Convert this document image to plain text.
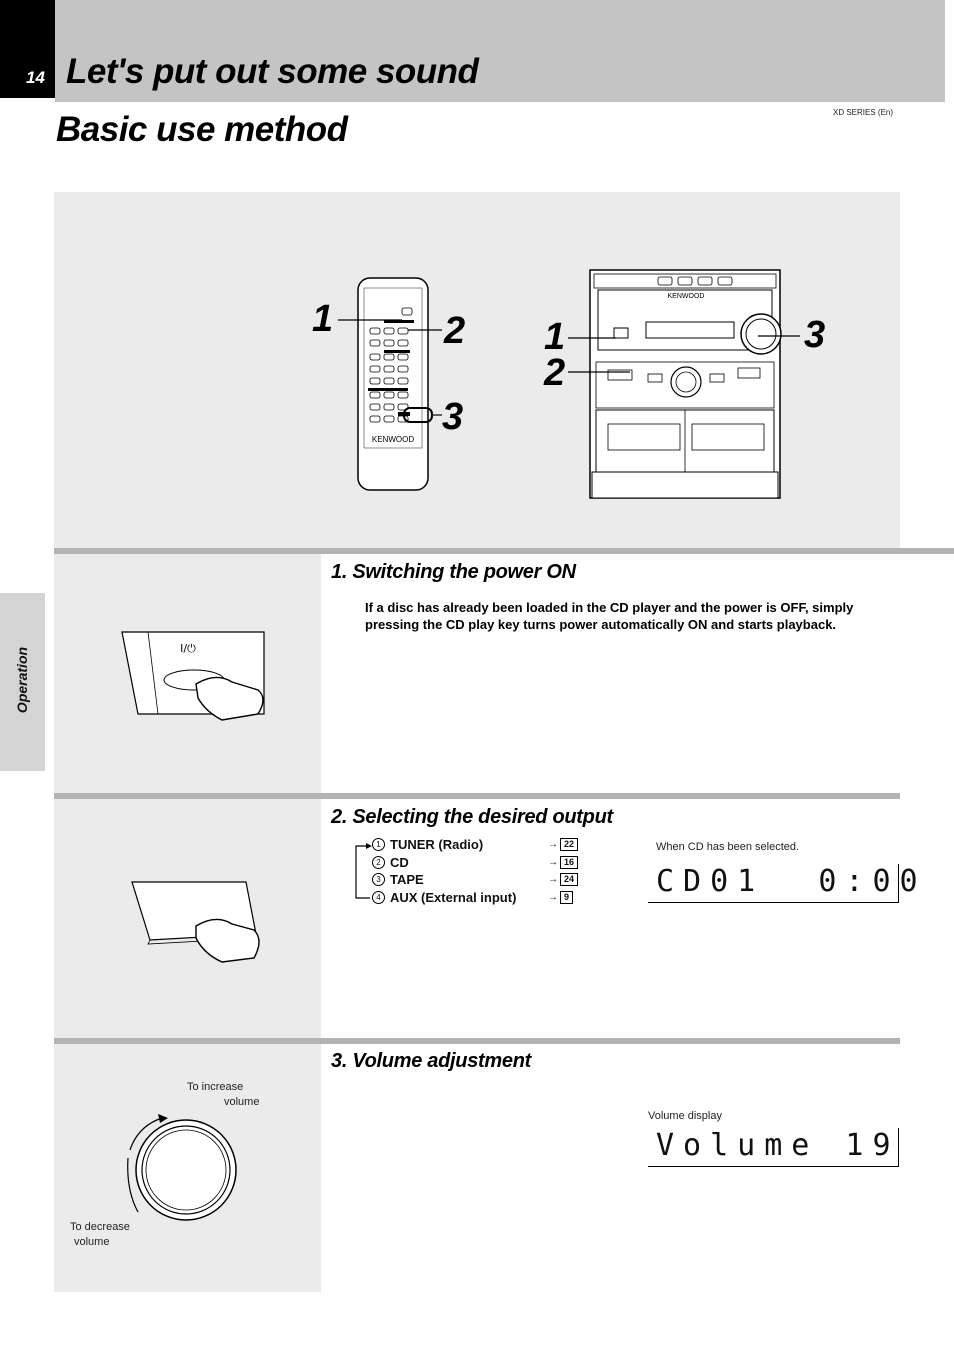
14 Let's put out some sound
Basic use method	XD SERIES (En)
Operation
KENWOOD
1	2
3
KENWOOD
1
2
3
I/⏻
1. Switching the power ON
If a disc has already been loaded in the CD player and the power is OFF, simply pressing the CD play key turns power automatically ON and starts playback.
2. Selecting the desired output
1 TUNER (Radio)	→ 22
2 CD	→ 16
3 TAPE	→ 24
4 AUX (External input)	→ 9
When CD has been selected.
CD01  0:00
To increase
volume
To decrease
volume
3. Volume adjustment
Volume display
Volume 19
